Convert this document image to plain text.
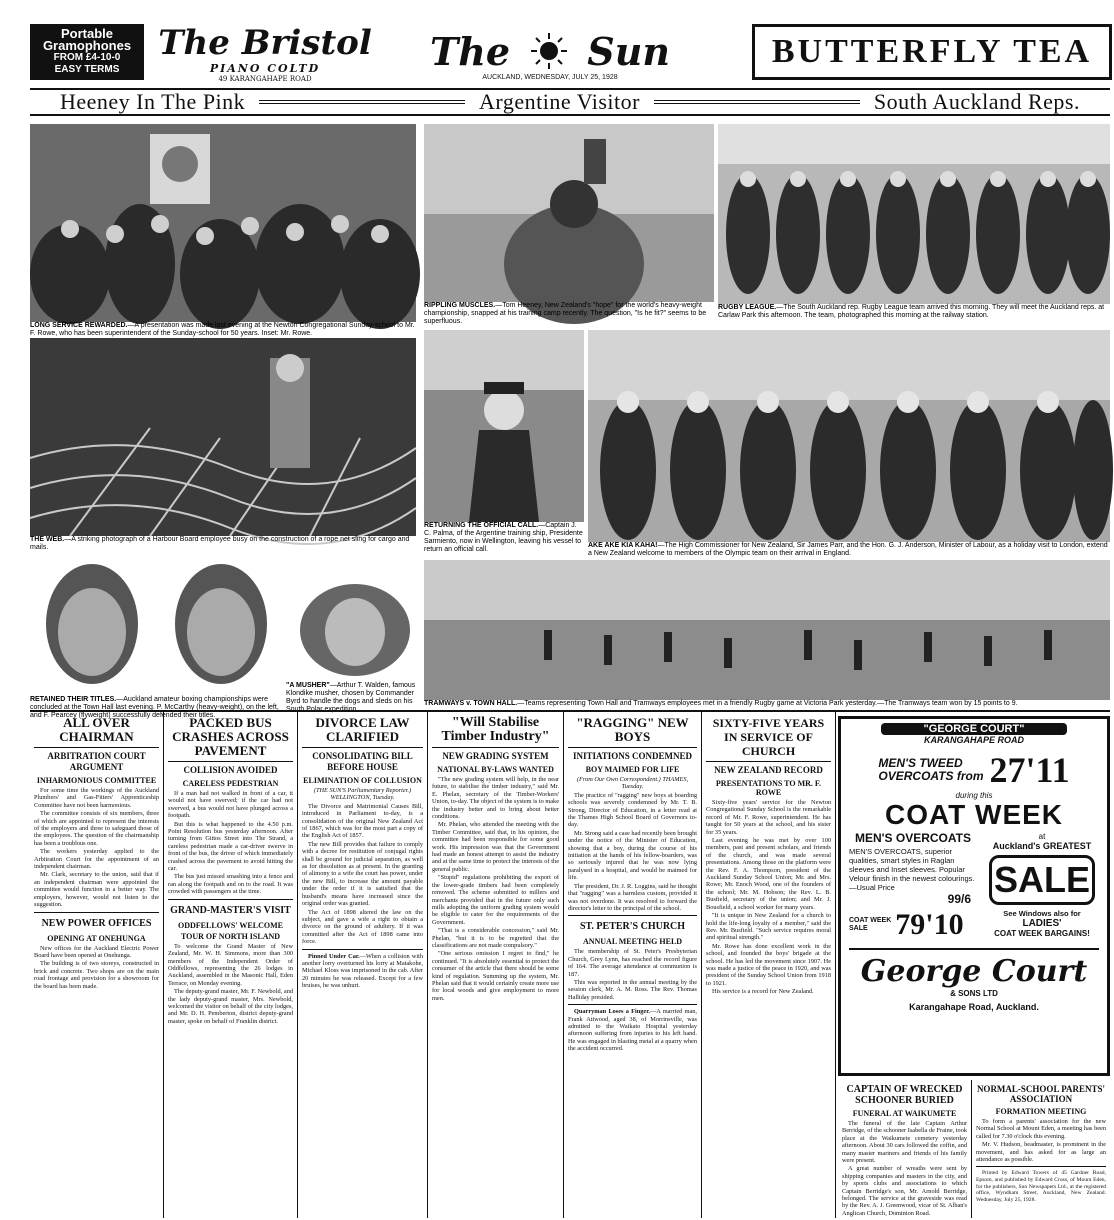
Portable
Gramophones
FROM £4-10-0
EASY TERMS
The Bristol
PIANO COLTD
49 KARANGAHAPE ROAD
The Sun
AUCKLAND, WEDNESDAY, JULY 25, 1928
BUTTERFLY TEA
Heeney In The Pink	Argentine Visitor	South Auckland Reps.
LONG SERVICE REWARDED.—A presentation was made last evening at the Newton Congregational Sunday-school to Mr. F. Rowe, who has been superintendent of the Sunday-school for 50 years. Inset: Mr. Rowe.
RIPPLING MUSCLES.—Tom Heeney, New Zealand's "hope" for the world's heavy-weight championship, snapped at his training camp recently. The question, "Is he fit?" seems to be superfluous.
RUGBY LEAGUE.—The South Auckland rep. Rugby League team arrived this morning. They will meet the Auckland reps. at Carlaw Park this afternoon. The team, photographed this morning at the railway station.
THE WEB.—A striking photograph of a Harbour Board employee busy on the construction of a rope net sling for cargo and mails.
RETURNING THE OFFICIAL CALL.—Captain J. C. Palma, of the Argentine training ship, Presidente Sarmiento, now in Wellington, leaving his vessel to return an official call.
AKE AKE KIA KAHA!—The High Commissioner for New Zealand, Sir James Parr, and the Hon. G. J. Anderson, Minister of Labour, as a holiday visit to London, extend a New Zealand welcome to members of the Olympic team on their arrival in England.
RETAINED THEIR TITLES.—Auckland amateur boxing championships were concluded at the Town Hall last evening. P. McCarthy (heavy-weight), on the left, and F. Pearcey (flyweight) successfully defended their titles.
"A MUSHER"—Arthur T. Walden, famous Klondike musher, chosen by Commander Byrd to handle the dogs and sleds on his South Polar expedition.
TRAMWAYS v. TOWN HALL.—Teams representing Town Hall and Tramways employees met in a friendly Rugby game at Victoria Park yesterday.—The Tramways team won by 15 points to 9.
ALL OVER CHAIRMAN
ARBITRATION COURT ARGUMENT
INHARMONIOUS COMMITTEE

For some time the workings of the Auckland Plumbers' and Gas-Fitters' Apprenticeship Committee have not been harmonious.

The committee consists of six members, three of which are appointed to represent the interests of the employers and three to safeguard those of the employees. The question of the chairmanship has been a troublous one.

The workers yesterday applied to the Arbitration Court for the appointment of an independent chairman.

Mr. Clark, secretary to the union, said that if an independent chairman were appointed the committee would function in a better way. The employers, however, would not listen to the suggestion.

NEW POWER OFFICES
OPENING AT ONEHUNGA

New offices for the Auckland Electric Power Board have been opened at Onehunga.

The building is of two storeys, constructed in brick and concrete. Two shops are on the main road frontage and provision for a showroom for the board has been made.

PACKED BUS CRASHES ACROSS PAVEMENT
COLLISION AVOIDED
CARELESS PEDESTRIAN

If a man had not walked in front of a car, it would not have swerved; if the car had not swerved, a bus would not have plunged across a footpath.

But this is what happened to the 4.50 p.m. Point Resolution bus yesterday afternoon. After turning from Gittos Street into The Strand, a careless pedestrian made a car-driver swerve in front of the bus, the driver of which immediately crashed across the pavement to avoid hitting the car.

The bus just missed smashing into a fence and ran along the footpath and on to the road. It was crowded with passengers at the time.

GRAND-MASTER'S VISIT
ODDFELLOWS' WELCOME
TOUR OF NORTH ISLAND

To welcome the Grand Master of New Zealand, Mr. W. H. Simmons, more than 300 members of the Independent Order of Oddfellows, representing the 26 lodges in Auckland, assembled in the Masonic Hall, Eden Terrace, on Monday evening.

The deputy-grand master, Mr. F. Newbold, and the lady deputy-grand master, Mrs. Newbold, welcomed the visitor on behalf of the city lodges, and Mr. D. H. Pemberton, district deputy-grand master, spoke on behalf of Franklin district.

DIVORCE LAW CLARIFIED
CONSOLIDATING BILL BEFORE HOUSE
ELIMINATION OF COLLUSION

(THE SUN'S Parliamentary Reporter.) WELLINGTON, Tuesday.

The Divorce and Matrimonial Causes Bill, introduced in Parliament to-day, is a consolidation of the original New Zealand Act of 1867, which was for the most part a copy of the English Act of 1857.

The new Bill provides that failure to comply with a decree for restitution of conjugal rights shall be ground for judicial separation, as well as for dissolution as at present. In the granting of alimony to a wife the court has power, under the new Bill, to increase the amount payable under the order if it is satisfied that the husband's means have increased since the original order was granted.

The Act of 1898 altered the law on the subject, and gave a wife a right to obtain a divorce on the ground of adultery. If it was committed after the Act of 1898 came into force.

Pinned Under Car.—When a collision with another lorry overturned his lorry at Matakohe, Michael Kloss was imprisoned in the cab. After 20 minutes he was released. Except for a few bruises, he was unhurt.

"Will Stabilise Timber Industry"
NEW GRADING SYSTEM
NATIONAL BY-LAWS WANTED

"The new grading system will help, in the near future, to stabilise the timber industry," said Mr. E. Phelan, secretary of the Timber-Workers' Union, to-day. The object of the system is to make the industry better and to bring about better conditions.

Mr. Phelan, who attended the meeting with the Timber Committee, said that, in his opinion, the committee had been responsible for some good work. His impression was that the Government had made an honest attempt to assist the industry and at the same time to protect the interests of the general public.

"Stupid" regulations prohibiting the export of the lower-grade timbers had been completely removed. The scheme submitted to millers and merchants provided that in the future only such mills adopting the uniform grading system would be eligible to cater for the requirements of the Government.

"That is a considerable concession," said Mr. Phelan, "but it is to be regretted that the classifications are not made compulsory."

"One serious omission I regret to find," he continued. "It is absolutely essential to protect the consumer of the article that there should be some kind of regulation. Summing up the system, Mr. Phelan said that it would certainly create more use for local woods and give employment to more men.

"RAGGING" NEW BOYS
INITIATIONS CONDEMNED
BOY MAIMED FOR LIFE

(From Our Own Correspondent.) THAMES, Tuesday.

The practice of "ragging" new boys at boarding schools was severely condemned by Mr. T. B. Strong, Director of Education, in a letter read at the Thames High School Board of Governors to-day.

Mr. Strong said a case had recently been brought under the notice of the Minister of Education, showing that a boy, during the course of his initiation at the hands of his fellow-boarders, was so seriously injured that he was now lying paralysed in a hospital, and would be maimed for life.

The president, Dr. J. R. Loggins, said he thought that "ragging" was a harmless custom, provided it was not overdone. It was resolved to forward the director's letter to the principal of the school.

ST. PETER'S CHURCH
ANNUAL MEETING HELD

The membership of St. Peter's Presbyterian Church, Grey Lynn, has reached the record figure of 164. The average attendance at communion is 187.

This was reported in the annual meeting by the session clerk, Mr. A. M. Ross. The Rev. Thomas Halliday presided.

Quarryman Loses a Finger.—A married man, Frank Attwood, aged 38, of Morrinsville, was admitted to the Waikato Hospital yesterday afternoon suffering from injuries to his left hand. He was engaged in blasting metal at a quarry when the accident occurred.

SIXTY-FIVE YEARS IN SERVICE OF CHURCH
NEW ZEALAND RECORD
PRESENTATIONS TO MR. F. ROWE

Sixty-five years' service for the Newton Congregational Sunday School is the remarkable record of Mr. F. Rowe, superintendent. He has taught for 50 years at the school, and his sister for 35 years.

Last evening he was met by over 100 members, past and present scholars, and friends of the church, and was made several presentations. Among those on the platform were the Rev. F. A. Thompson, president of the Auckland Sunday School Union; Mr. and Mrs. Rowe; Mr. Enoch Wood, one of the founders of the school; Mr. M. Hobson; the Rev. L. B. Busfield, secretary of the union; and Mr. J. Bousfield, a school worker for many years.

"It is unique in New Zealand for a church to hold the life-long loyalty of a member," said the Rev. Mr. Busfield. "Such service requires moral and spiritual strength."

Mr. Rowe has done excellent work in the school, and founded the boys' brigade at the school. He has led the movement since 1907. He was made a justice of the peace in 1920, and was president of the Sunday School Union from 1918 to 1921.

His service is a record for New Zealand.

"GEORGE COURT"
KARANGAHAPE ROAD
MEN'S TWEED
OVERCOATS from 27'11
during this
COAT WEEK
MEN'S OVERCOATS
MEN'S OVERCOATS, superior qualities, smart styles in Raglan sleeves and Inset sleeves. Popular Velour finish in the newest colourings.—Usual Price
99/6
COAT WEEK
SALE 79'10
at
Auckland's GREATEST
SALE
See Windows also for
LADIES'
COAT WEEK BARGAINS!
George Court
& SONS LTD
Karangahape Road, Auckland.
CAPTAIN OF WRECKED SCHOONER BURIED
FUNERAL AT WAIKUMETE

The funeral of the late Captain Arthur Berridge, of the schooner Isabella de Fraine, took place at the Waikumete cemetery yesterday afternoon. About 30 cars followed the coffin, and many master mariners and friends of his family were present.

A great number of wreaths were sent by shipping companies and masters in the city, and by sports clubs and associations to which Captain Berridge's son, Mr. Arnold Berridge, belonged. The service at the graveside was read by the Rev. A. J. Greenwood, vicar of St. Alban's Anglican Church, Dominion Road.

NORMAL-SCHOOL PARENTS' ASSOCIATION
FORMATION MEETING

To form a parents' association for the new Normal School at Mount Eden, a meeting has been called for 7.30 o'clock this evening.

Mr. V. Hudson, headmaster, is prominent in the movement, and has asked for as large an attendance as possible.

Printed by Edward Towers of 45 Gardner Road, Epsom, and published by Edward Cross, of Mount Eden, for the publishers, Sun Newspapers Ltd., at the registered office, Wyndham Street, Auckland, New Zealand. Wednesday, July 25, 1928.
